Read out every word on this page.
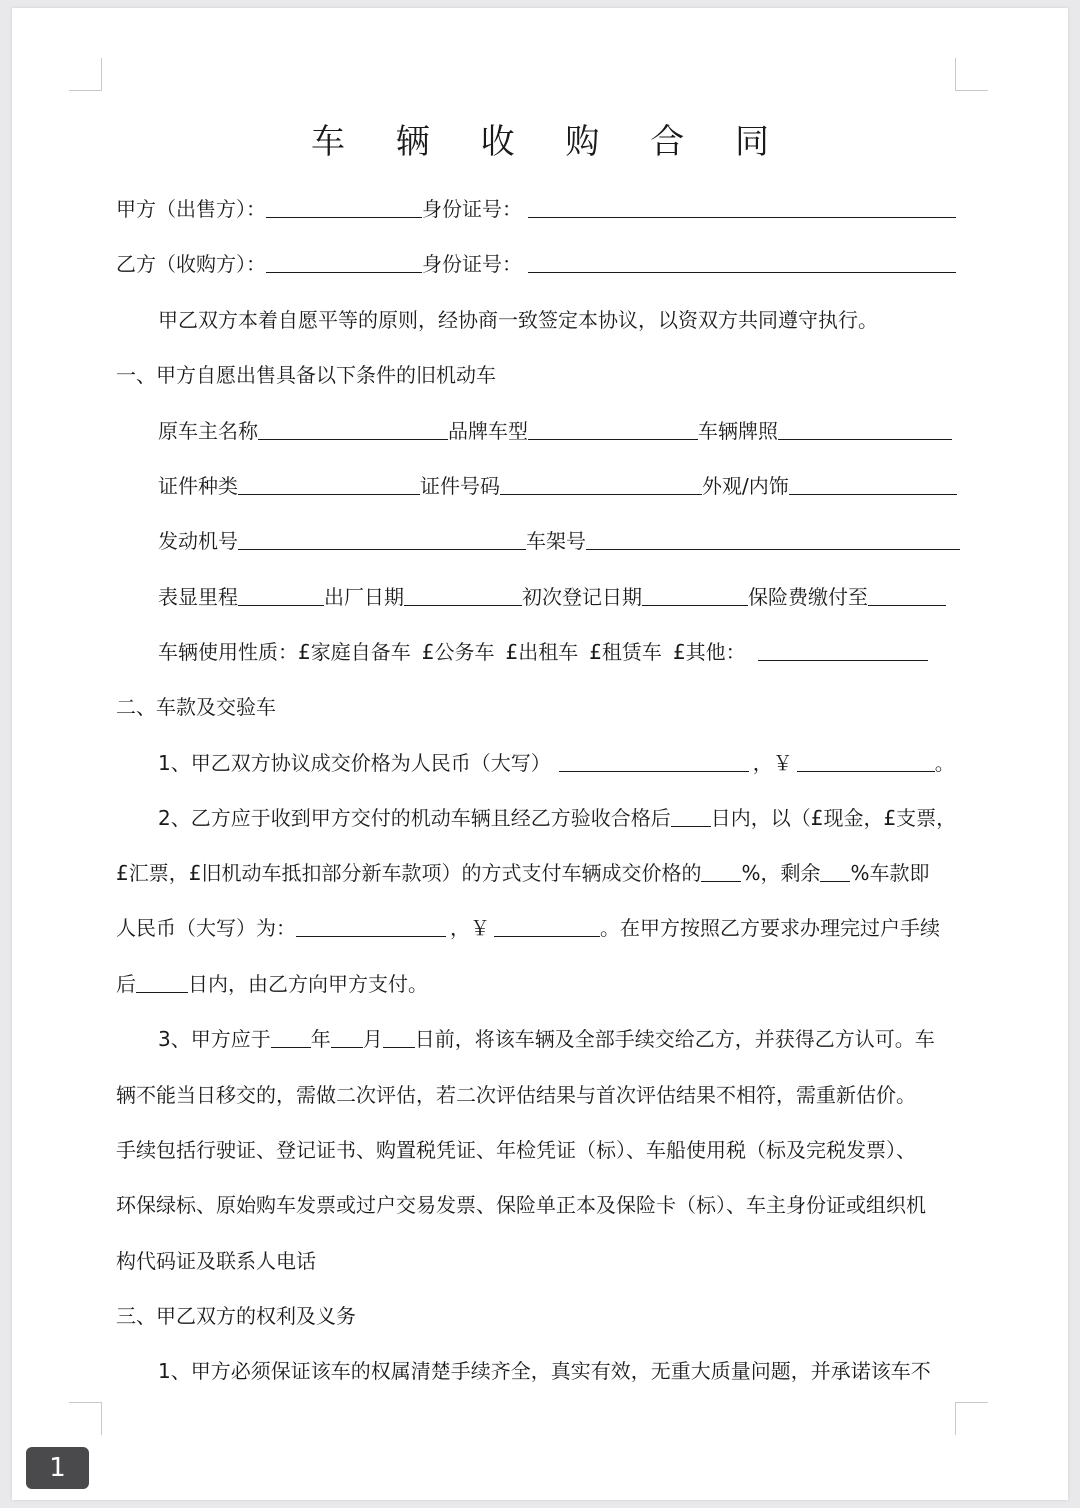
车 辆 收 购 合 同
甲方（出售方）：	身份证号：
乙方（收购方）：	身份证号：
甲乙双方本着自愿平等的原则，经协商一致签定本协议，以资双方共同遵守执行。
一、甲方自愿出售具备以下条件的旧机动车
原车主名称	品牌车型	车辆牌照
证件种类	证件号码	外观/内饰
发动机号	车架号
表显里程	出厂日期	初次登记日期	保险费缴付至
车辆使用性质：£家庭自备车 £公务车 £出租车 £租赁车 £其他：
二、车款及交验车
1、甲乙双方协议成交价格为人民币（大写）	，￥	。
2、乙方应于收到甲方交付的机动车辆且经乙方验收合格后 日内，以（£现金，£支票，
£汇票，£旧机动车抵扣部分新车款项）的方式支付车辆成交价格的 %，剩余 %车款即
人民币（大写）为：	，￥	。在甲方按照乙方要求办理完过户手续
后	日内，由乙方向甲方支付。
3、甲方应于 年 月 日前，将该车辆及全部手续交给乙方，并获得乙方认可。车
辆不能当日移交的，需做二次评估，若二次评估结果与首次评估结果不相符，需重新估价。
手续包括行驶证、登记证书、购置税凭证、年检凭证（标）、车船使用税（标及完税发票）、
环保绿标、原始购车发票或过户交易发票、保险单正本及保险卡（标）、车主身份证或组织机
构代码证及联系人电话
三、甲乙双方的权利及义务
1、甲方必须保证该车的权属清楚手续齐全，真实有效，无重大质量问题，并承诺该车不
1
